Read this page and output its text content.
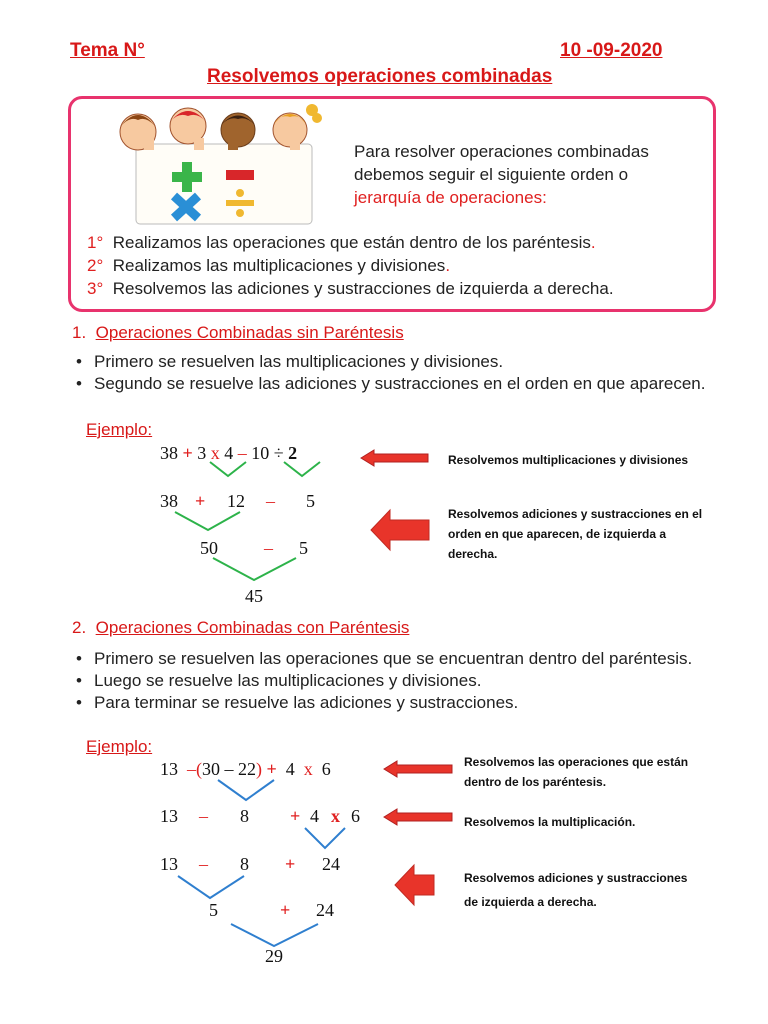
Tema N°	10 -09-2020
Resolvemos operaciones combinadas
Para resolver operaciones combinadas
debemos seguir el siguiente orden o
jerarquía de operaciones:
1° Realizamos las operaciones que están dentro de los paréntesis.
2° Realizamos las multiplicaciones y divisiones.
3° Resolvemos las adiciones y sustracciones de izquierda a derecha.
1. Operaciones Combinadas sin Paréntesis
• Primero se resuelven las multiplicaciones y divisiones.
• Segundo se resuelve las adiciones y sustracciones en el orden en que aparecen.
Ejemplo:
38 + 3 x 4 – 10 ÷ 2
38 + 12 – 5
50	– 5
45
Resolvemos multiplicaciones y divisiones
Resolvemos adiciones y sustracciones en el orden en que aparecen, de izquierda a derecha.
2. Operaciones Combinadas con Paréntesis
• Primero se resuelven las operaciones que se encuentran dentro del paréntesis.
• Luego se resuelve las multiplicaciones y divisiones.
• Para terminar se resuelve las adiciones y sustracciones.
Ejemplo:
13 –(30 – 22) + 4 x 6
13 – 8 + 4 x 6
13 – 8 + 24
5	+ 24
29
Resolvemos las operaciones que están dentro de los paréntesis.
Resolvemos la multiplicación.
Resolvemos adiciones y sustracciones de izquierda a derecha.
